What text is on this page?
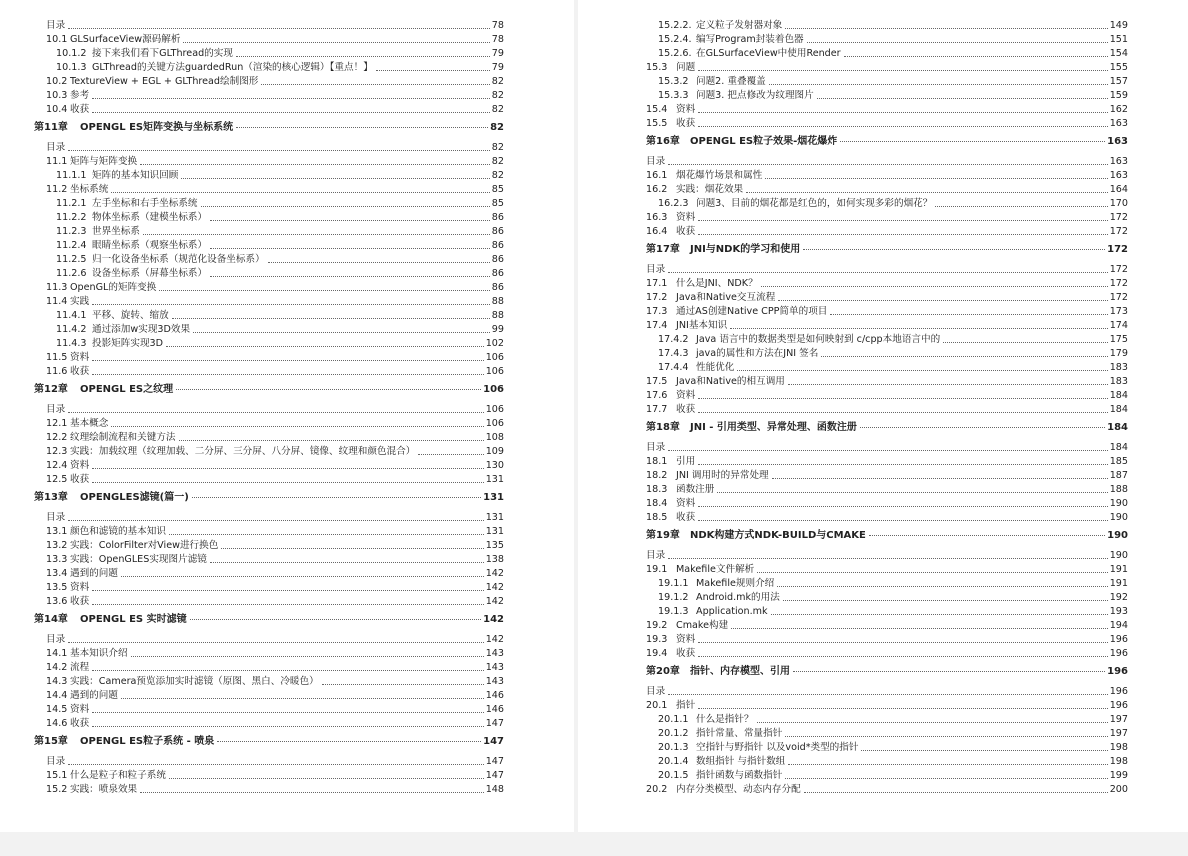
目录	78
10.1 GLSurfaceView源码解析	78
10.1.2 接下来我们看下GLThread的实现	79
10.1.3 GLThread的关键方法guardedRun（渲染的核心逻辑）【重点！】	79
10.2 TextureView + EGL + GLThread绘制图形	82
10.3 参考	82
10.4 收获	82
第11章	OPENGL ES矩阵变换与坐标系统	82
目录	82
11.1 矩阵与矩阵变换	82
11.1.1 矩阵的基本知识回顾	82
11.2 坐标系统	85
11.2.1 左手坐标和右手坐标系统	85
11.2.2 物体坐标系（建模坐标系）	86
11.2.3 世界坐标系	86
11.2.4 眼睛坐标系（观察坐标系）	86
11.2.5 归一化设备坐标系（规范化设备坐标系）	86
11.2.6 设备坐标系（屏幕坐标系）	86
11.3 OpenGL的矩阵变换	86
11.4 实践	88
11.4.1 平移、旋转、缩放	88
11.4.2 通过添加w实现3D效果	99
11.4.3 投影矩阵实现3D	102
11.5 资料	106
11.6 收获	106
第12章	OPENGL ES之纹理	106
目录	106
12.1 基本概念	106
12.2 纹理绘制流程和关键方法	108
12.3 实践：加载纹理（纹理加载、二分屏、三分屏、八分屏、镜像、纹理和颜色混合）	109
12.4 资料	130
12.5 收获	131
第13章	OPENGLES滤镜(篇一)	131
目录	131
13.1 颜色和滤镜的基本知识	131
13.2 实践：ColorFilter对View进行换色	135
13.3 实践：OpenGLES实现图片滤镜	138
13.4 遇到的问题	142
13.5 资料	142
13.6 收获	142
第14章	OPENGL ES 实时滤镜	142
目录	142
14.1 基本知识介绍	143
14.2 流程	143
14.3 实践：Camera预览添加实时滤镜（原图、黑白、冷暖色）	143
14.4 遇到的问题	146
14.5 资料	146
14.6 收获	147
第15章	OPENGL ES粒子系统 - 喷泉	147
目录	147
15.1 什么是粒子和粒子系统	147
15.2 实践：喷泉效果	148
15.2.2. 定义粒子发射器对象	149
15.2.4. 编写Program封装着色器	151
15.2.6. 在GLSurfaceView中使用Render	154
15.3 问题	155
15.3.2 问题2. 重叠覆盖	157
15.3.3 问题3. 把点修改为纹理图片	159
15.4 资料	162
15.5 收获	163
第16章	OPENGL ES粒子效果-烟花爆炸	163
目录	163
16.1 烟花爆竹场景和属性	163
16.2 实践：烟花效果	164
16.2.3 问题3、目前的烟花都是红色的，如何实现多彩的烟花？	170
16.3 资料	172
16.4 收获	172
第17章	JNI与NDK的学习和使用	172
目录	172
17.1 什么是JNI、NDK？	172
17.2 Java和Native交互流程	172
17.3 通过AS创建Native CPP简单的项目	173
17.4 JNI基本知识	174
17.4.2 Java 语言中的数据类型是如何映射到 c/cpp本地语言中的	175
17.4.3 java的属性和方法在JNI 签名	179
17.4.4 性能优化	183
17.5 Java和Native的相互调用	183
17.6 资料	184
17.7 收获	184
第18章	JNI - 引用类型、异常处理、函数注册	184
目录	184
18.1 引用	185
18.2 JNI 调用时的异常处理	187
18.3 函数注册	188
18.4 资料	190
18.5 收获	190
第19章	NDK构建方式NDK-BUILD与CMAKE	190
目录	190
19.1 Makefile文件解析	191
19.1.1 Makefile规则介绍	191
19.1.2 Android.mk的用法	192
19.1.3 Application.mk	193
19.2 Cmake构建	194
19.3 资料	196
19.4 收获	196
第20章	指针、内存模型、引用	196
目录	196
20.1 指针	196
20.1.1 什么是指针？	197
20.1.2 指针常量、常量指针	197
20.1.3 空指针与野指针 以及void*类型的指针	198
20.1.4 数组指针 与指针数组	198
20.1.5 指针函数与函数指针	199
20.2 内存分类模型、动态内存分配	200
